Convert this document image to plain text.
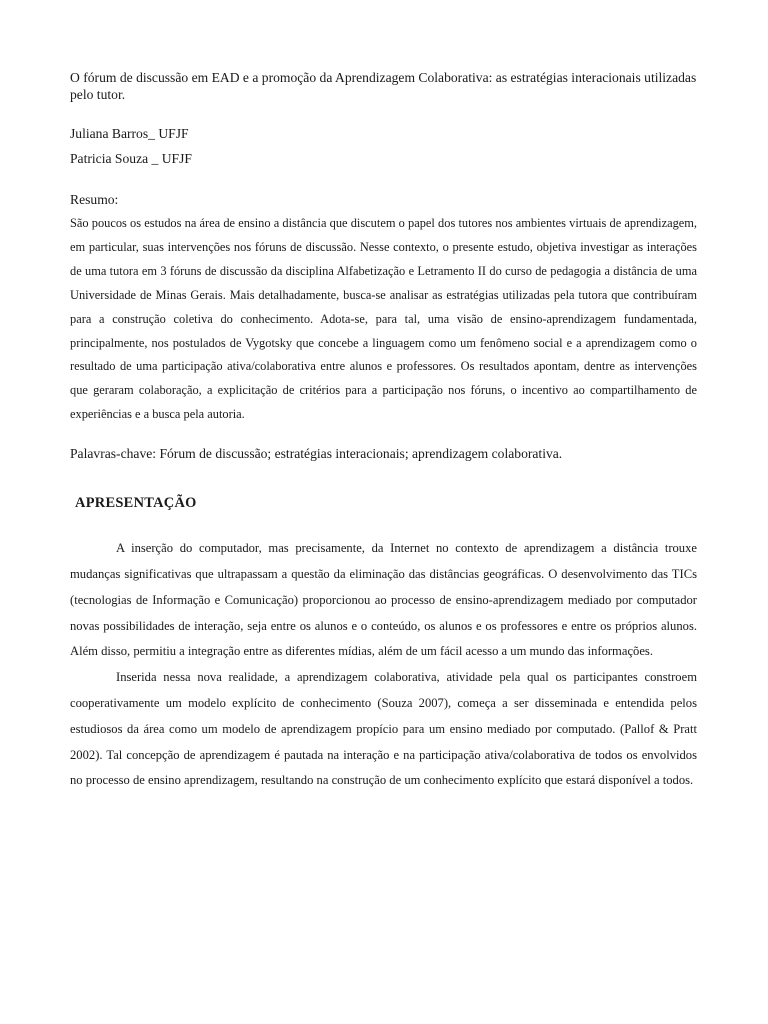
O fórum de discussão em EAD e a promoção da Aprendizagem Colaborativa: as estratégias interacionais utilizadas pelo tutor.

Juliana Barros_ UFJF
Patricia Souza _ UFJF
Resumo:

São poucos os estudos na área de ensino a distância que discutem o papel dos tutores nos ambientes virtuais de aprendizagem, em particular, suas intervenções nos fóruns de discussão. Nesse contexto, o presente estudo, objetiva investigar as interações de uma tutora em 3 fóruns de discussão da disciplina Alfabetização e Letramento II do curso de pedagogia a distância de uma Universidade de Minas Gerais. Mais detalhadamente, busca-se analisar as estratégias utilizadas pela tutora que contribuíram para a construção coletiva do conhecimento. Adota-se, para tal, uma visão de ensino-aprendizagem fundamentada, principalmente, nos postulados de Vygotsky que concebe a linguagem como um fenômeno social e a aprendizagem como o resultado de uma participação ativa/colaborativa entre alunos e professores. Os resultados apontam, dentre as intervenções que geraram colaboração, a explicitação de critérios para a participação nos fóruns, o incentivo ao compartilhamento de experiências e a busca pela autoria.

Palavras-chave: Fórum de discussão; estratégias interacionais; aprendizagem colaborativa.
APRESENTAÇÃO

A inserção do computador, mas precisamente, da Internet no contexto de aprendizagem a distância trouxe mudanças significativas que ultrapassam a questão da eliminação das distâncias geográficas. O desenvolvimento das TICs (tecnologias de Informação e Comunicação) proporcionou ao processo de ensino-aprendizagem mediado por computador novas possibilidades de interação, seja entre os alunos e o conteúdo, os alunos e os professores e entre os próprios alunos. Além disso, permitiu a integração entre as diferentes mídias, além de um fácil acesso a um mundo das informações.

Inserida nessa nova realidade, a aprendizagem colaborativa, atividade pela qual os participantes constroem cooperativamente um modelo explícito de conhecimento (Souza 2007), começa a ser disseminada e entendida pelos estudiosos da área como um modelo de aprendizagem propício para um ensino mediado por computado. (Pallof & Pratt 2002). Tal concepção de aprendizagem é pautada na interação e na participação ativa/colaborativa de todos os envolvidos no processo de ensino aprendizagem, resultando na construção de um conhecimento explícito que estará disponível a todos.
